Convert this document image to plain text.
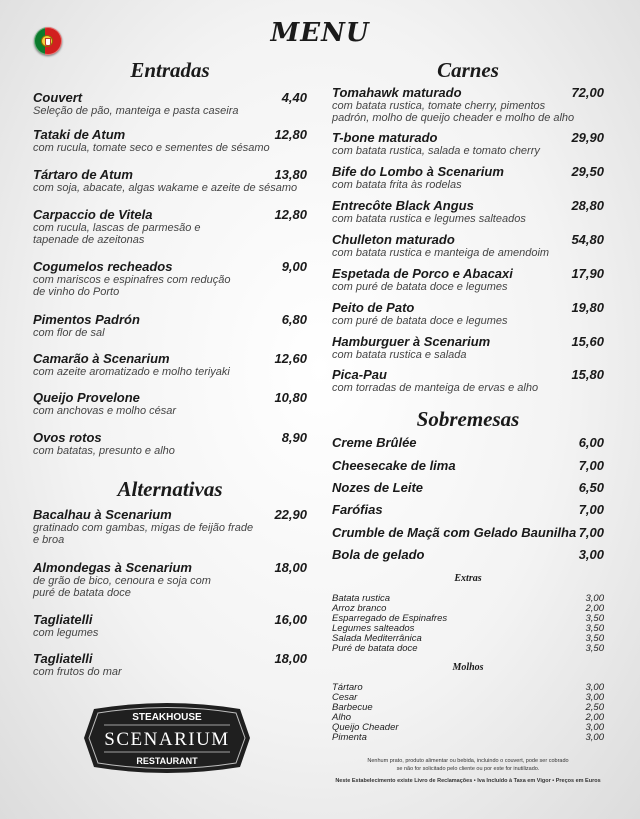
MENU
Entradas
Alternativas
Carnes
Sobremesas
Couvert	4,40
Seleção de pão, manteiga e pasta caseira
Tataki de Atum	12,80
com rucula, tomate seco e sementes de sésamo
Tártaro de Atum	13,80
com soja, abacate, algas wakame e azeite de sésamo
Carpaccio de Vitela	12,80
com rucula, lascas de parmesão e
tapenade de azeitonas
Cogumelos recheados	9,00
com mariscos e espinafres com redução
de vinho do Porto
Pimentos Padrón	6,80
com flor de sal
Camarão à Scenarium	12,60
com azeite aromatizado e molho teriyaki
Queijo Provelone	10,80
com anchovas e molho césar
Ovos rotos	8,90
com batatas, presunto e alho
Bacalhau à Scenarium	22,90
gratinado com gambas, migas de feijão frade
e broa
Almondegas à Scenarium	18,00
de grão de bico, cenoura e soja com
puré de batata doce
Tagliatelli	16,00
com legumes
Tagliatelli	18,00
com frutos do mar
Tomahawk maturado	72,00
com batata rustica, tomate cherry, pimentos
padrón, molho de queijo cheader e molho de alho
T-bone maturado	29,90
com batata rustica, salada e tomato cherry
Bife do Lombo à Scenarium	29,50
com batata frita às rodelas
Entrecôte Black Angus	28,80
com batata rustica e legumes salteados
Chulleton maturado	54,80
com batata rustica e manteiga de amendoim
Espetada de Porco e Abacaxi	17,90
com puré de batata doce e legumes
Peito de Pato	19,80
com puré de batata doce e legumes
Hamburguer à Scenarium	15,60
com batata rustica e salada
Pica-Pau	15,80
com torradas de manteiga de ervas e alho
Creme Brûlée	6,00
Cheesecake de lima	7,00
Nozes de Leite	6,50
Farófias	7,00
Crumble de Maçã com Gelado Baunilha 7,00
Bola de gelado	3,00
Extras
Batata rustica	3,00
Arroz branco	2,00
Esparregado de Espinafres	3,50
Legumes salteados	3,50
Salada Mediterrânica	3,50
Puré de batata doce	3,50
Molhos
Tártaro	3,00
Cesar	3,00
Barbecue	2,50
Alho	2,00
Queijo Cheader	3,00
Pimenta	3,00
Nenhum prato, produto alimentar ou bebida, incluindo o couvert, pode ser cobrado
se não for solicitado pelo cliente ou por este for inutilizado.
Neste Estabelecimento existe Livro de Reclamações • Iva Incluído à Taxa em Vigor • Preços em Euros
STEAKHOUSE
SCENARIUM
RESTAURANT
